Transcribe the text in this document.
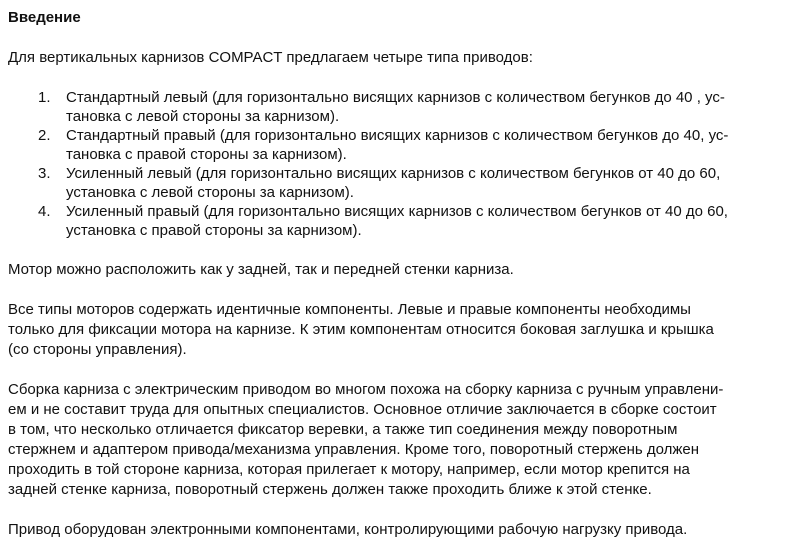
Введение

Для вертикальных карнизов COMPACT предлагаем четыре типа приводов:

1.	Стандартный левый (для горизонтально висящих карнизов с количеством бегунков до 40 , ус-
тановка с левой стороны за карнизом).
2.	Стандартный правый (для горизонтально висящих карнизов с количеством бегунков до 40, ус-
тановка с правой стороны за карнизом).
3.	Усиленный левый (для горизонтально висящих карнизов с количеством бегунков от 40 до 60,
установка с левой стороны за карнизом).
4.	Усиленный правый (для горизонтально висящих карнизов с количеством бегунков от 40 до 60,
установка с правой стороны за карнизом).

Мотор можно расположить как у задней, так и передней стенки карниза.

Все типы моторов содержать идентичные компоненты. Левые и правые компоненты необходимы
только для фиксации мотора на карнизе. К этим компонентам относится боковая заглушка и крышка
(со стороны управления).

Сборка карниза с электрическим приводом во многом похожа на сборку карниза с ручным управлени-
ем и не составит труда для опытных специалистов. Основное отличие заключается в сборке состоит
в том, что несколько отличается фиксатор веревки, а также тип соединения между поворотным
стержнем и адаптером привода/механизма управления. Кроме того, поворотный стержень должен
проходить в той стороне карниза, которая прилегает к мотору, например, если мотор крепится на
задней стенке карниза, поворотный стержень должен также проходить ближе к этой стенке.

Привод оборудован электронными компонентами, контролирующими рабочую нагрузку привода.
